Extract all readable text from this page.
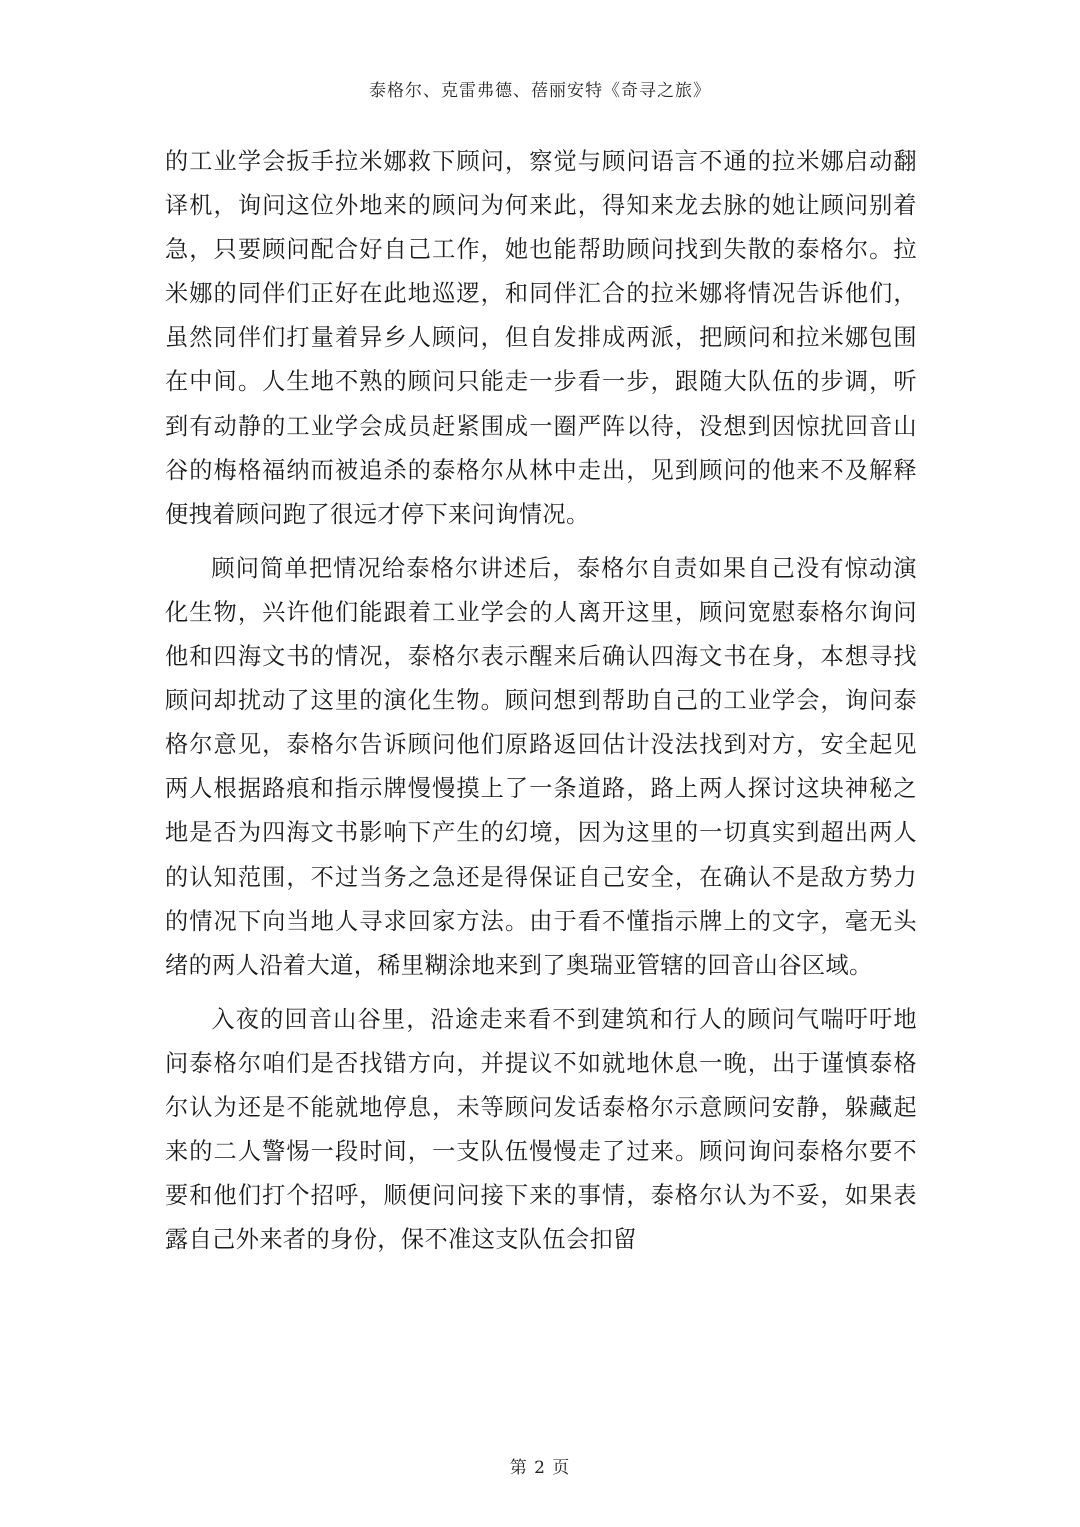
泰格尔、克雷弗德、蓓丽安特《奇寻之旅》

的工业学会扳手拉米娜救下顾问，察觉与顾问语言不通的拉米娜启动翻译机，询问这位外地来的顾问为何来此，得知来龙去脉的她让顾问别着急，只要顾问配合好自己工作，她也能帮助顾问找到失散的泰格尔。拉米娜的同伴们正好在此地巡逻，和同伴汇合的拉米娜将情况告诉他们，虽然同伴们打量着异乡人顾问，但自发排成两派，把顾问和拉米娜包围在中间。人生地不熟的顾问只能走一步看一步，跟随大队伍的步调，听到有动静的工业学会成员赶紧围成一圈严阵以待，没想到因惊扰回音山谷的梅格福纳而被追杀的泰格尔从林中走出，见到顾问的他来不及解释便拽着顾问跑了很远才停下来问询情况。

顾问简单把情况给泰格尔讲述后，泰格尔自责如果自己没有惊动演化生物，兴许他们能跟着工业学会的人离开这里，顾问宽慰泰格尔询问他和四海文书的情况，泰格尔表示醒来后确认四海文书在身，本想寻找顾问却扰动了这里的演化生物。顾问想到帮助自己的工业学会，询问泰格尔意见，泰格尔告诉顾问他们原路返回估计没法找到对方，安全起见两人根据路痕和指示牌慢慢摸上了一条道路，路上两人探讨这块神秘之地是否为四海文书影响下产生的幻境，因为这里的一切真实到超出两人的认知范围，不过当务之急还是得保证自己安全，在确认不是敌方势力的情况下向当地人寻求回家方法。由于看不懂指示牌上的文字，毫无头绪的两人沿着大道，稀里糊涂地来到了奥瑞亚管辖的回音山谷区域。

入夜的回音山谷里，沿途走来看不到建筑和行人的顾问气喘吁吁地问泰格尔咱们是否找错方向，并提议不如就地休息一晚，出于谨慎泰格尔认为还是不能就地停息，未等顾问发话泰格尔示意顾问安静，躲藏起来的二人警惕一段时间，一支队伍慢慢走了过来。顾问询问泰格尔要不要和他们打个招呼，顺便问问接下来的事情，泰格尔认为不妥，如果表露自己外来者的身份，保不准这支队伍会扣留

第 2 页
